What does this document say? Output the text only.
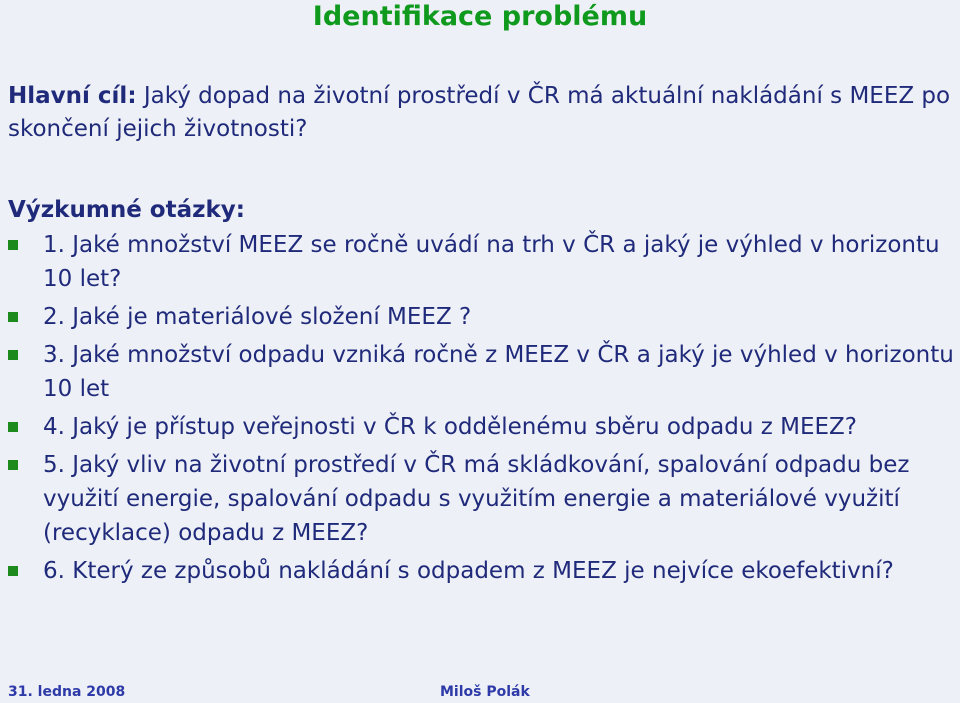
Identifikace problému
Hlavní cíl: Jaký dopad na životní prostředí v ČR má aktuální nakládání s MEEZ po skončení jejich životnosti?
Výzkumné otázky:
1. Jaké množství MEEZ se ročně uvádí na trh v ČR a jaký je výhled v horizontu 10 let?
2. Jaké je materiálové složení MEEZ ?
3. Jaké množství odpadu vzniká ročně z MEEZ v ČR a jaký je výhled v horizontu 10 let
4. Jaký je přístup veřejnosti v ČR k oddělenému sběru odpadu z MEEZ?
5. Jaký vliv na životní prostředí v ČR má skládkování, spalování odpadu bez využití energie, spalování odpadu s využitím energie a materiálové využití (recyklace) odpadu z MEEZ?
6. Který ze způsobů nakládání s odpadem z MEEZ je nejvíce ekoefektivní?
31. ledna 2008	Miloš Polák
